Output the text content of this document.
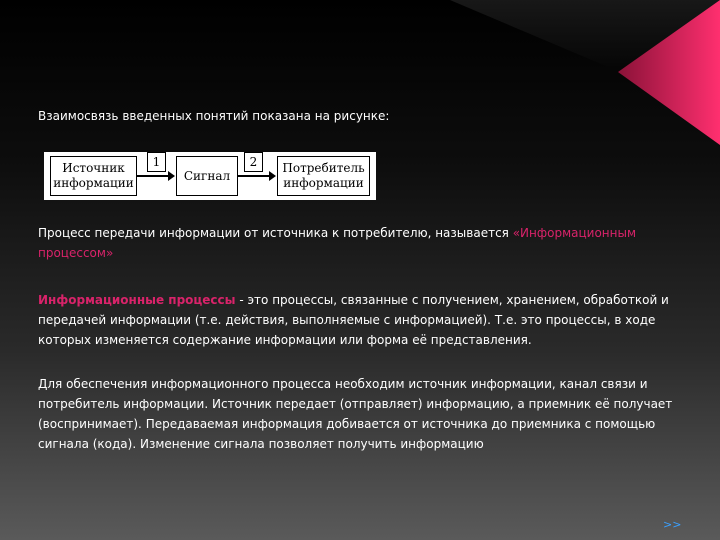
Взаимосвязь введенных понятий показана на рисунке:
Источник
информации
1
Сигнал
2	Потребитель
информации
Процесс передачи информации от источника к потребителю, называется «Информационным процессом»
Информационные процессы - это процессы, связанные с получением, хранением, обработкой и передачей информации (т.е. действия, выполняемые с информацией). Т.е. это процессы, в ходе которых изменяется содержание информации или форма её представления.
Для обеспечения информационного процесса необходим источник информации, канал связи и потребитель информации. Источник передает (отправляет) информацию, а приемник её получает (воспринимает). Передаваемая информация добивается от источника до приемника с помощью сигнала (кода). Изменение сигнала позволяет получить информацию
>>
